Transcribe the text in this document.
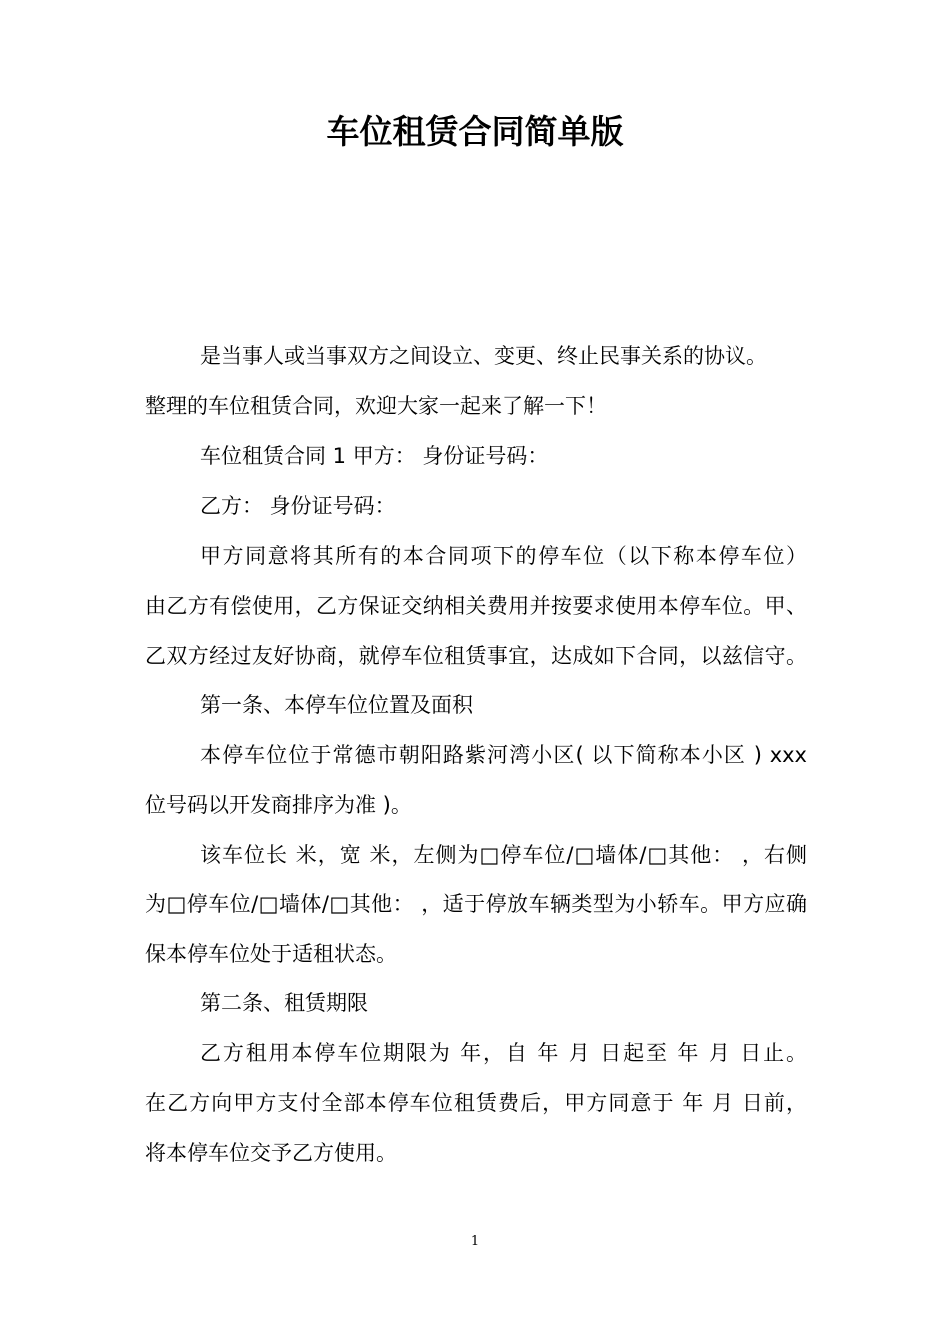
车位租赁合同简单版

是当事人或当事双方之间设立、变更、终止民事关系的协议。

整理的车位租赁合同，欢迎大家一起来了解一下！

车位租赁合同 1 甲方： 身份证号码：

乙方： 身份证号码：

甲方同意将其所有的本合同项下的停车位（以下称本停车位）

由乙方有偿使用，乙方保证交纳相关费用并按要求使用本停车位。甲、

乙双方经过友好协商，就停车位租赁事宜，达成如下合同，以兹信守。

第一条、本停车位位置及面积

本停车位位于常德市朝阳路紫河湾小区( 以下简称本小区 ) xxx

位号码以开发商排序为准 )。

该车位长 米，宽 米，左侧为□停车位/□墙体/□其他： ，右侧

为□停车位/□墙体/□其他： ，适于停放车辆类型为小轿车。甲方应确

保本停车位处于适租状态。

第二条、租赁期限

乙方租用本停车位期限为 年，自 年 月 日起至 年 月 日止。

在乙方向甲方支付全部本停车位租赁费后，甲方同意于 年 月 日前，

将本停车位交予乙方使用。

1
